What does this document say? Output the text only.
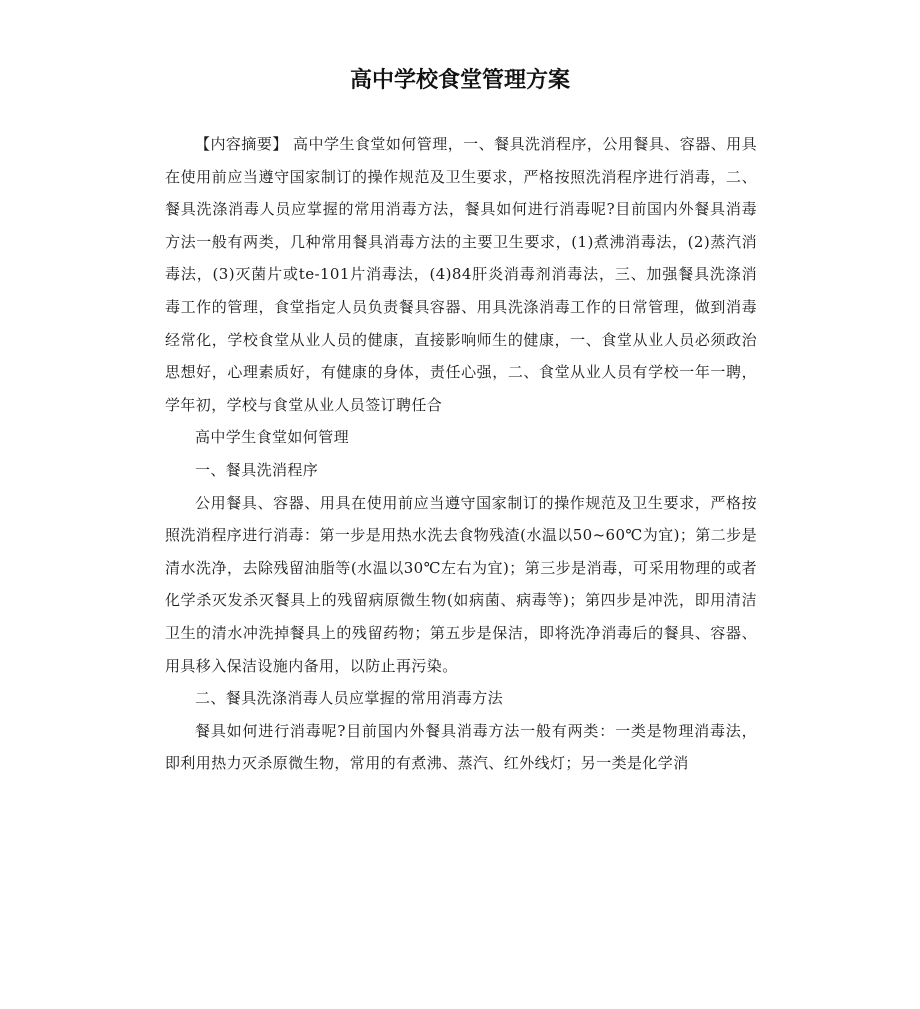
高中学校食堂管理方案

【内容摘要】 高中学生食堂如何管理，一、餐具洗消程序，公用餐具、容器、用具在使用前应当遵守国家制订的操作规范及卫生要求，严格按照洗消程序进行消毒，二、餐具洗涤消毒人员应掌握的常用消毒方法，餐具如何进行消毒呢?目前国内外餐具消毒方法一般有两类，几种常用餐具消毒方法的主要卫生要求，(1)煮沸消毒法，(2)蒸汽消毒法，(3)灭菌片或te-101片消毒法，(4)84肝炎消毒剂消毒法，三、加强餐具洗涤消毒工作的管理，食堂指定人员负责餐具容器、用具洗涤消毒工作的日常管理，做到消毒经常化，学校食堂从业人员的健康，直接影响师生的健康，一、食堂从业人员必须政治思想好，心理素质好，有健康的身体，责任心强，二、食堂从业人员有学校一年一聘，学年初，学校与食堂从业人员签订聘任合

高中学生食堂如何管理

一、餐具洗消程序

公用餐具、容器、用具在使用前应当遵守国家制订的操作规范及卫生要求，严格按照洗消程序进行消毒：第一步是用热水洗去食物残渣(水温以50~60℃为宜)；第二步是清水洗净，去除残留油脂等(水温以30℃左右为宜)；第三步是消毒，可采用物理的或者化学杀灭发杀灭餐具上的残留病原微生物(如病菌、病毒等)；第四步是冲洗，即用清洁卫生的清水冲洗掉餐具上的残留药物；第五步是保洁，即将洗净消毒后的餐具、容器、用具移入保洁设施内备用，以防止再污染。

二、餐具洗涤消毒人员应掌握的常用消毒方法

餐具如何进行消毒呢?目前国内外餐具消毒方法一般有两类：一类是物理消毒法，即利用热力灭杀原微生物，常用的有煮沸、蒸汽、红外线灯；另一类是化学消
